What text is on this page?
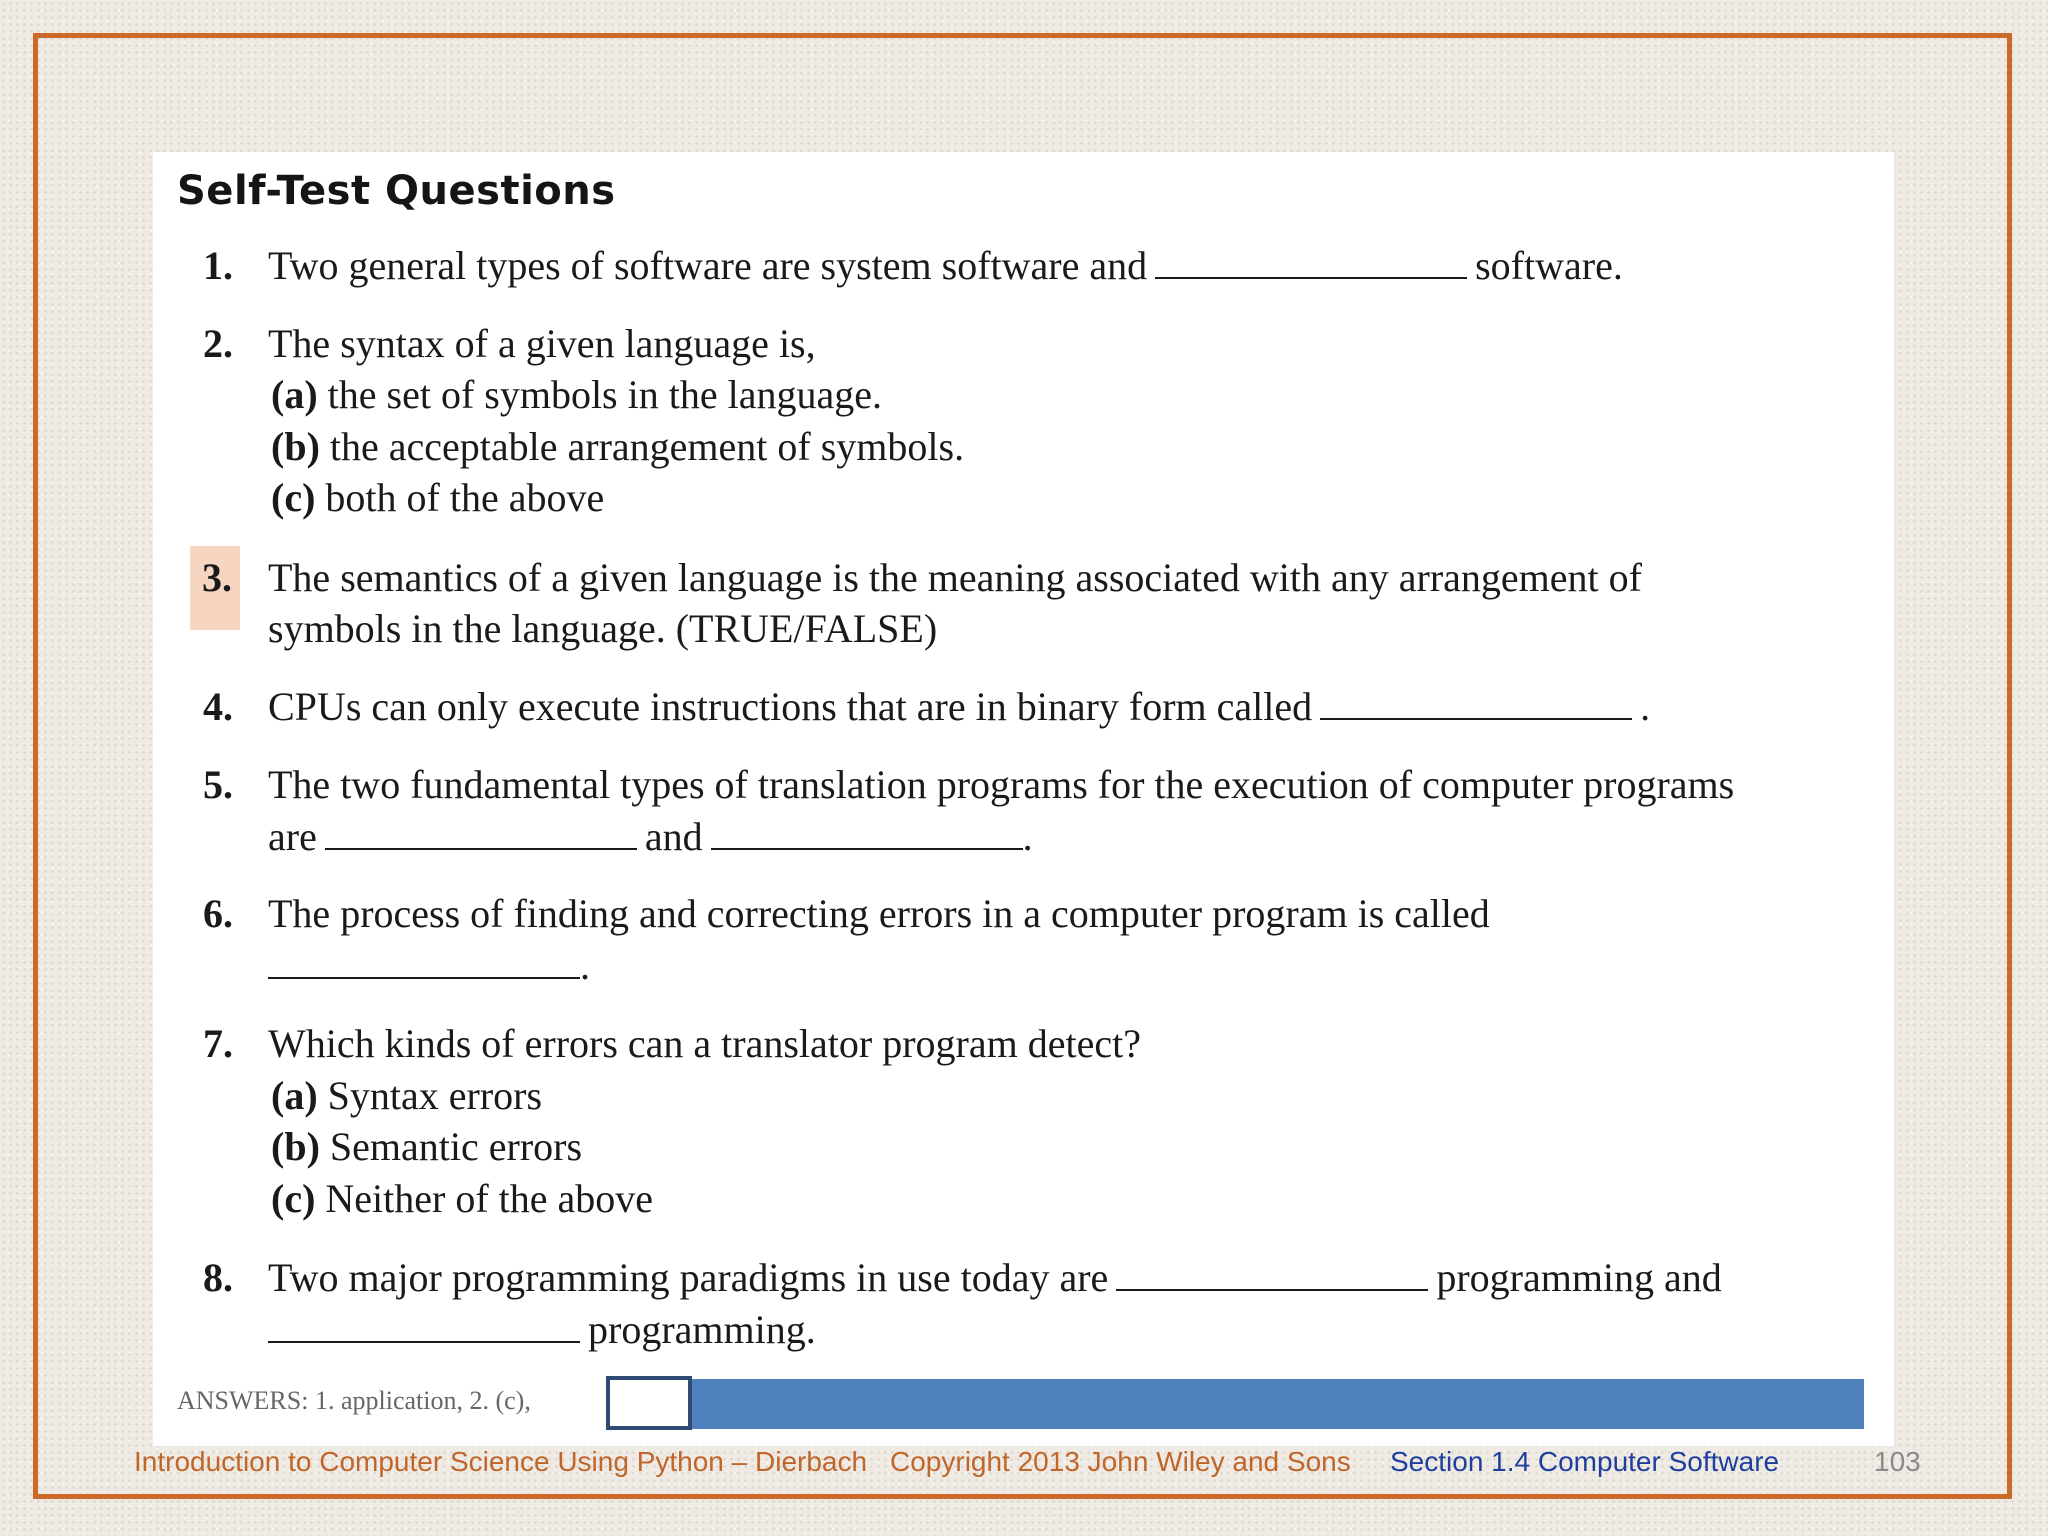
Self-Test Questions
1. Two general types of software are system software and	software.
2. The syntax of a given language is,
(a) the set of symbols in the language.
(b) the acceptable arrangement of symbols.
(c) both of the above
3. The semantics of a given language is the meaning associated with any arrangement of
symbols in the language. (TRUE/FALSE)
4. CPUs can only execute instructions that are in binary form called	.
5. The two fundamental types of translation programs for the execution of computer programs
are	and	.
6. The process of finding and correcting errors in a computer program is called
.
7. Which kinds of errors can a translator program detect?
(a) Syntax errors
(b) Semantic errors
(c) Neither of the above
8. Two major programming paradigms in use today are	programming and
programming.
ANSWERS: 1. application, 2. (c),
Introduction to Computer Science Using Python – Dierbach Copyright 2013 John Wiley and Sons Section 1.4 Computer Software	103
